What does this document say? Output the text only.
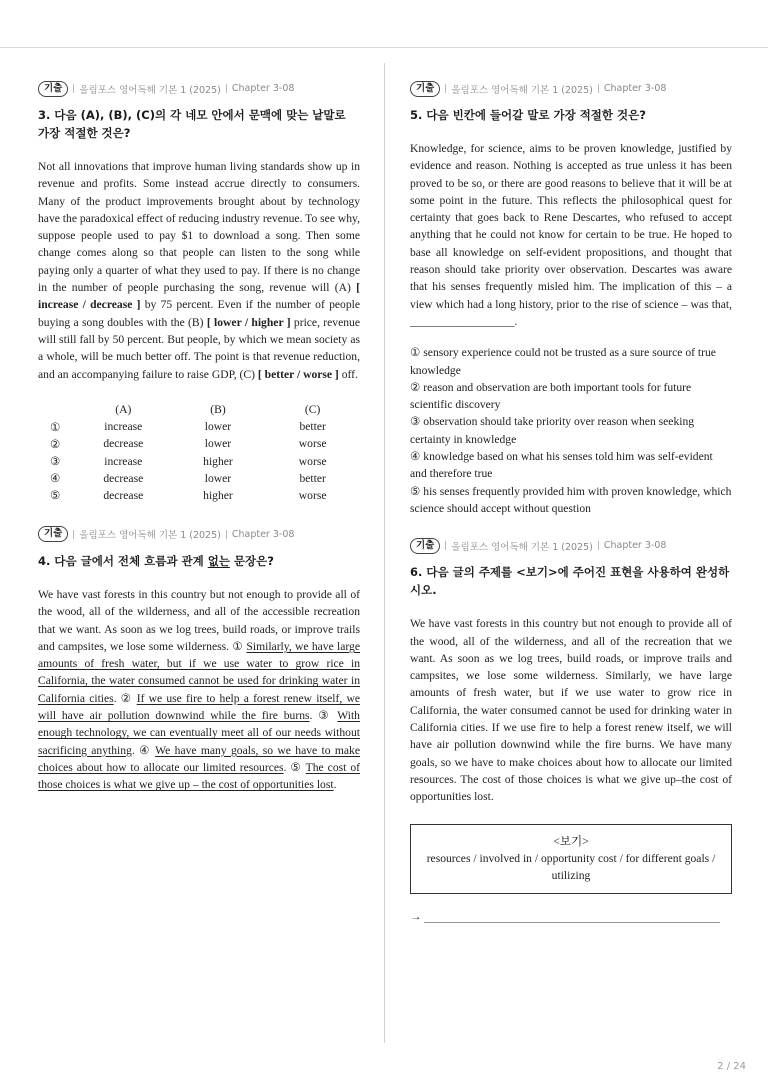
기출	올림포스 영어독해 기본 1 (2025) Chapter 3-08
3. 다음 (A), (B), (C)의 각 네모 안에서 문맥에 맞는 낱말로 가장 적절한 것은?
Not all innovations that improve human living standards show up in revenue and profits. Some instead accrue directly to consumers. Many of the product improvements brought about by technology have the paradoxical effect of reducing industry revenue. To see why, suppose people used to pay $1 to download a song. Then some change comes along so that people can listen to the song while paying only a quarter of what they used to pay. If there is no change in the number of people purchasing the song, revenue will (A) [ increase / decrease ] by 75 percent. Even if the number of people buying a song doubles with the (B) [ lower / higher ] price, revenue will still fall by 50 percent. But people, by which we mean society as a whole, will be much better off. The point is that revenue reduction, and an accompanying failure to raise GDP, (C) [ better / worse ] off.
	(A)	(B)	(C)
①	increase	lower	better
②	decrease	lower	worse
③	increase	higher	worse
④	decrease	lower	better
⑤	decrease	higher	worse
기출	올림포스 영어독해 기본 1 (2025) Chapter 3-08
4. 다음 글에서 전체 흐름과 관계 없는 문장은?
We have vast forests in this country but not enough to provide all of the wood, all of the wilderness, and all of the accessible recreation that we want. As soon as we log trees, build roads, or improve trails and campsites, we lose some wilderness. ① Similarly, we have large amounts of fresh water, but if we use water to grow rice in California, the water consumed cannot be used for drinking water in California cities. ② If we use fire to help a forest renew itself, we will have air pollution downwind while the fire burns. ③ With enough technology, we can eventually meet all of our needs without sacrificing anything. ④ We have many goals, so we have to make choices about how to allocate our limited resources. ⑤ The cost of those choices is what we give up – the cost of opportunities lost.
기출	올림포스 영어독해 기본 1 (2025) Chapter 3-08
5. 다음 빈칸에 들어갈 말로 가장 적절한 것은?
Knowledge, for science, aims to be proven knowledge, justified by evidence and reason. Nothing is accepted as true unless it has been proved to be so, or there are good reasons to believe that it will be at some point in the future. This reflects the philosophical quest for certainty that goes back to Rene Descartes, who refused to accept anything that he could not know for certain to be true. He hoped to base all knowledge on self-evident propositions, and thought that reason should take priority over observation. Descartes was aware that his senses frequently misled him. The implication of this – a view which had a long history, prior to the rise of science – was that, __________________.
① sensory experience could not be trusted as a sure source of true knowledge
② reason and observation are both important tools for future scientific discovery
③ observation should take priority over reason when seeking certainty in knowledge
④ knowledge based on what his senses told him was self-evident and therefore true
⑤ his senses frequently provided him with proven knowledge, which science should accept without question
기출	올림포스 영어독해 기본 1 (2025) Chapter 3-08
6. 다음 글의 주제를 <보기>에 주어진 표현을 사용하여 완성하시오.
We have vast forests in this country but not enough to provide all of the wood, all of the wilderness, and all of the recreation that we want. As soon as we log trees, build roads, or improve trails and campsites, we lose some wilderness. Similarly, we have large amounts of fresh water, but if we use water to grow rice in California, the water consumed cannot be used for drinking water in California cities. If we use fire to help a forest renew itself, we will have air pollution downwind while the fire burns. We have many goals, so we have to make choices about how to allocate our limited resources. The cost of those choices is what we give up–the cost of opportunities lost.
<보기>
resources / involved in / opportunity cost / for different goals / utilizing
→
2 / 24
